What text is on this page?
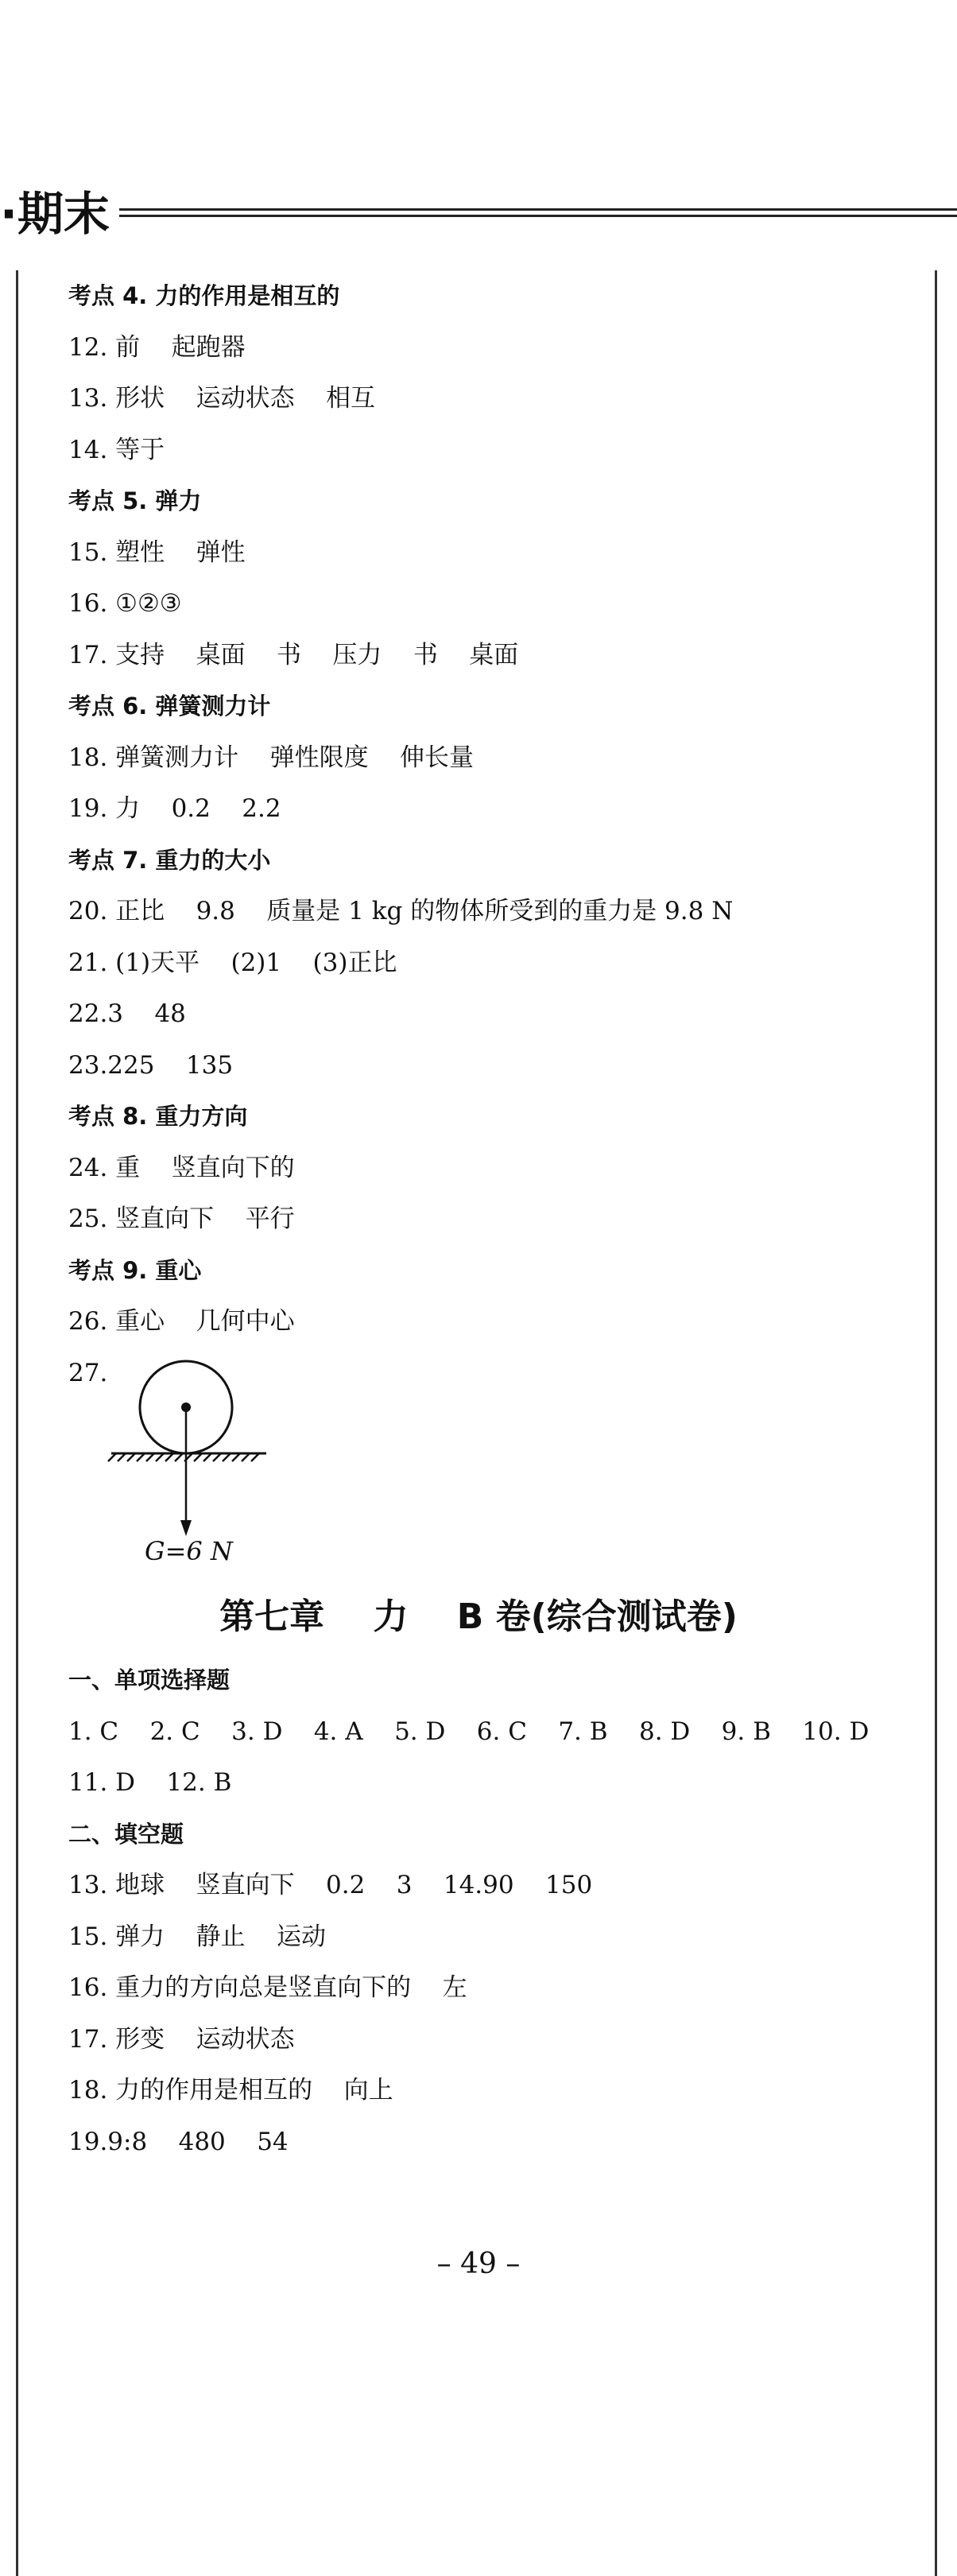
·期末
考点 4. 力的作用是相互的
12. 前    起跑器
13. 形状    运动状态    相互
14. 等于
考点 5. 弹力
15. 塑性    弹性
16. ①②③
17. 支持    桌面    书    压力    书    桌面
考点 6. 弹簧测力计
18. 弹簧测力计    弹性限度    伸长量
19. 力    0.2    2.2
考点 7. 重力的大小
20. 正比    9.8    质量是 1 kg 的物体所受到的重力是 9.8 N
21. (1)天平    (2)1    (3)正比
22.3    48
23.225    135
考点 8. 重力方向
24. 重    竖直向下的
25. 竖直向下    平行
考点 9. 重心
26. 重心    几何中心
27.
G=6 N
第七章    力    B 卷(综合测试卷)
一、单项选择题
1. C    2. C    3. D    4. A    5. D    6. C    7. B    8. D    9. B    10. D
11. D    12. B
二、填空题
13. 地球    竖直向下    0.2    3    14.90    150
15. 弹力    静止    运动
16. 重力的方向总是竖直向下的    左
17. 形变    运动状态
18. 力的作用是相互的    向上
19.9:8    480    54
– 49 –
